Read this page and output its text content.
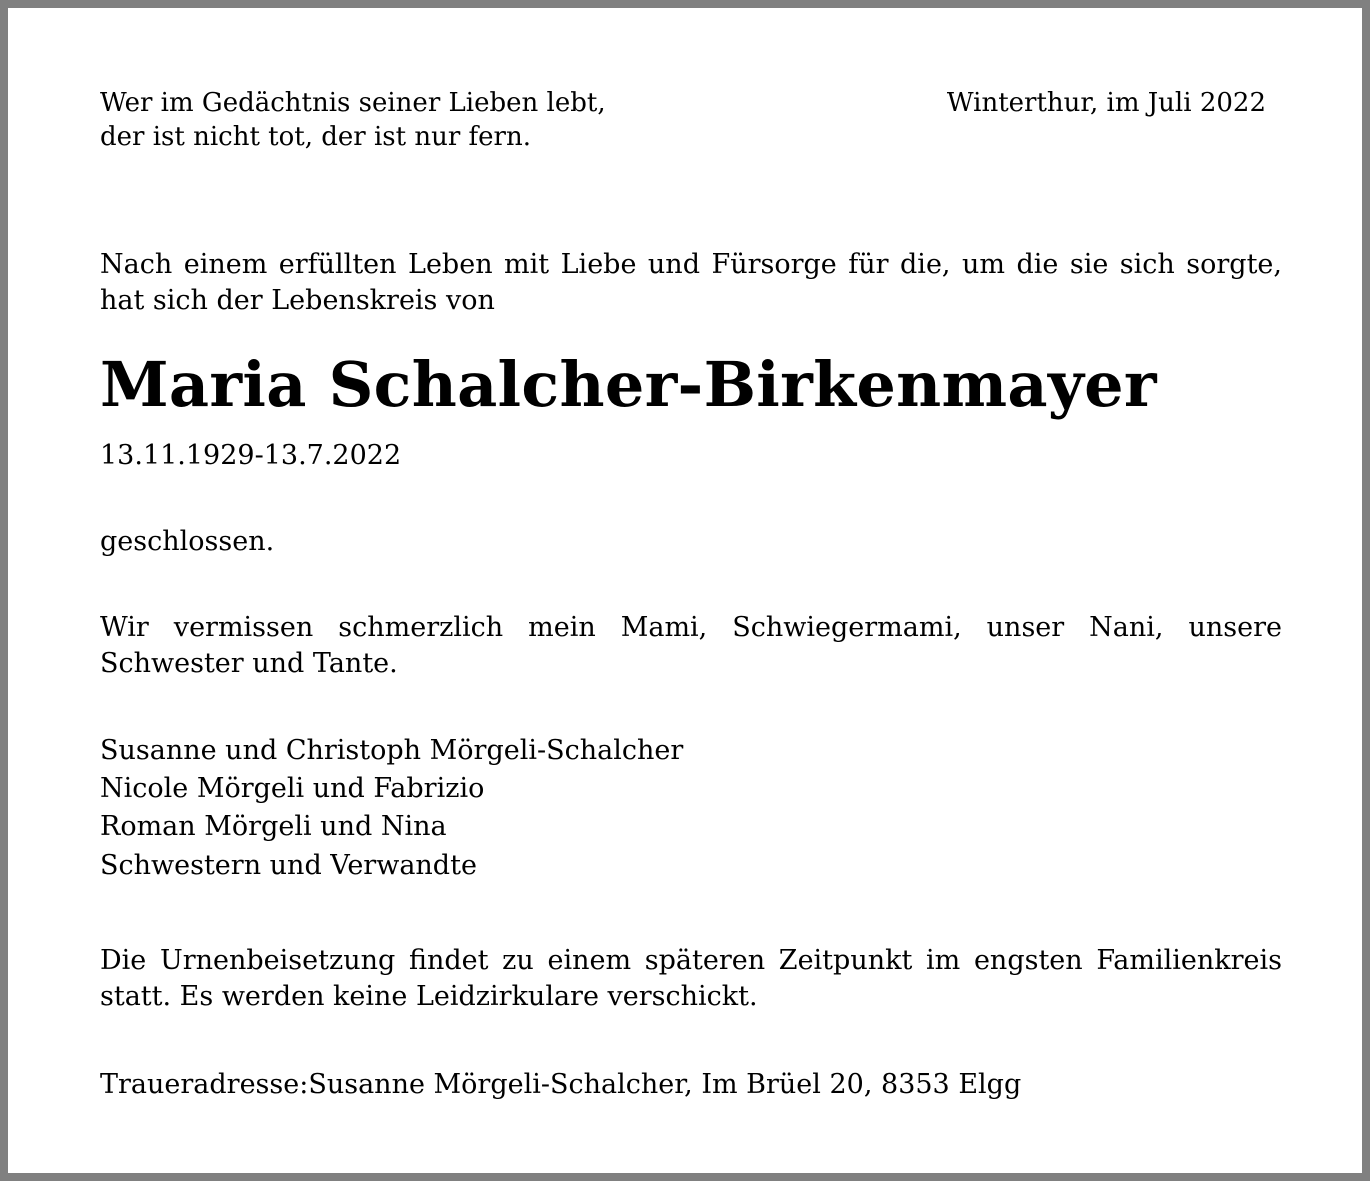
Wer im Gedächtnis seiner Lieben lebt,
der ist nicht tot, der ist nur fern.
Winterthur, im Juli 2022
Nach einem erfüllten Leben mit Liebe und Fürsorge für die, um die sie sich sorgte, hat sich der Lebenskreis von
Maria Schalcher-Birkenmayer
13.11.1929-13.7.2022
geschlossen.
Wir vermissen schmerzlich mein Mami, Schwiegermami, unser Nani, unsere Schwester und Tante.
Susanne und Christoph Mörgeli-Schalcher
Nicole Mörgeli und Fabrizio
Roman Mörgeli und Nina
Schwestern und Verwandte
Die Urnenbeisetzung findet zu einem späteren Zeitpunkt im engsten Familienkreis statt. Es werden keine Leidzirkulare verschickt.
Traueradresse:Susanne Mörgeli-Schalcher, Im Brüel 20, 8353 Elgg
